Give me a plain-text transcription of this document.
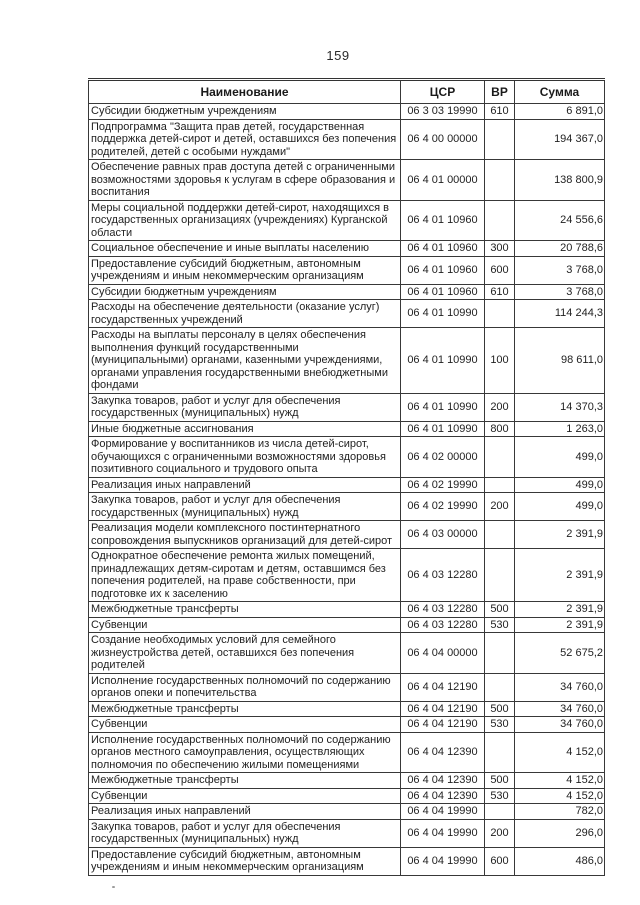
159
Наименование	ЦСР	ВР	Сумма
Субсидии бюджетным учреждениям	06 3 03 19990	610	6 891,0
Подпрограмма "Защита прав детей, государственная поддержка детей-сирот и детей, оставшихся без попечения родителей, детей с особыми нуждами"	06 4 00 00000		194 367,0
Обеспечение равных прав доступа детей с ограниченными возможностями здоровья к услугам в сфере образования и воспитания	06 4 01 00000		138 800,9
Меры социальной поддержки детей-сирот, находящихся в государственных организациях (учреждениях) Курганской области	06 4 01 10960		24 556,6
Социальное обеспечение и иные выплаты населению	06 4 01 10960	300	20 788,6
Предоставление субсидий бюджетным, автономным учреждениям и иным некоммерческим организациям	06 4 01 10960	600	3 768,0
Субсидии бюджетным учреждениям	06 4 01 10960	610	3 768,0
Расходы на обеспечение деятельности (оказание услуг) государственных учреждений	06 4 01 10990		114 244,3
Расходы на выплаты персоналу в целях обеспечения выполнения функций государственными (муниципальными) органами, казенными учреждениями, органами управления государственными внебюджетными фондами	06 4 01 10990	100	98 611,0
Закупка товаров, работ и услуг для обеспечения государственных (муниципальных) нужд	06 4 01 10990	200	14 370,3
Иные бюджетные ассигнования	06 4 01 10990	800	1 263,0
Формирование у воспитанников из числа детей-сирот, обучающихся с ограниченными возможностями здоровья позитивного социального и трудового опыта	06 4 02 00000		499,0
Реализация иных направлений	06 4 02 19990		499,0
Закупка товаров, работ и услуг для обеспечения государственных (муниципальных) нужд	06 4 02 19990	200	499,0
Реализация модели комплексного постинтернатного сопровождения выпускников организаций для детей-сирот	06 4 03 00000		2 391,9
Однократное обеспечение ремонта жилых помещений, принадлежащих детям-сиротам и детям, оставшимся без попечения родителей, на праве собственности, при подготовке их к заселению	06 4 03 12280		2 391,9
Межбюджетные трансферты	06 4 03 12280	500	2 391,9
Субвенции	06 4 03 12280	530	2 391,9
Создание необходимых условий для семейного жизнеустройства детей, оставшихся без попечения родителей	06 4 04 00000		52 675,2
Исполнение государственных полномочий по содержанию органов опеки и попечительства	06 4 04 12190		34 760,0
Межбюджетные трансферты	06 4 04 12190	500	34 760,0
Субвенции	06 4 04 12190	530	34 760,0
Исполнение государственных полномочий по содержанию органов местного самоуправления, осуществляющих полномочия по обеспечению жилыми помещениями	06 4 04 12390		4 152,0
Межбюджетные трансферты	06 4 04 12390	500	4 152,0
Субвенции	06 4 04 12390	530	4 152,0
Реализация иных направлений	06 4 04 19990		782,0
Закупка товаров, работ и услуг для обеспечения государственных (муниципальных) нужд	06 4 04 19990	200	296,0
Предоставление субсидий бюджетным, автономным учреждениям и иным некоммерческим организациям	06 4 04 19990	600	486,0
